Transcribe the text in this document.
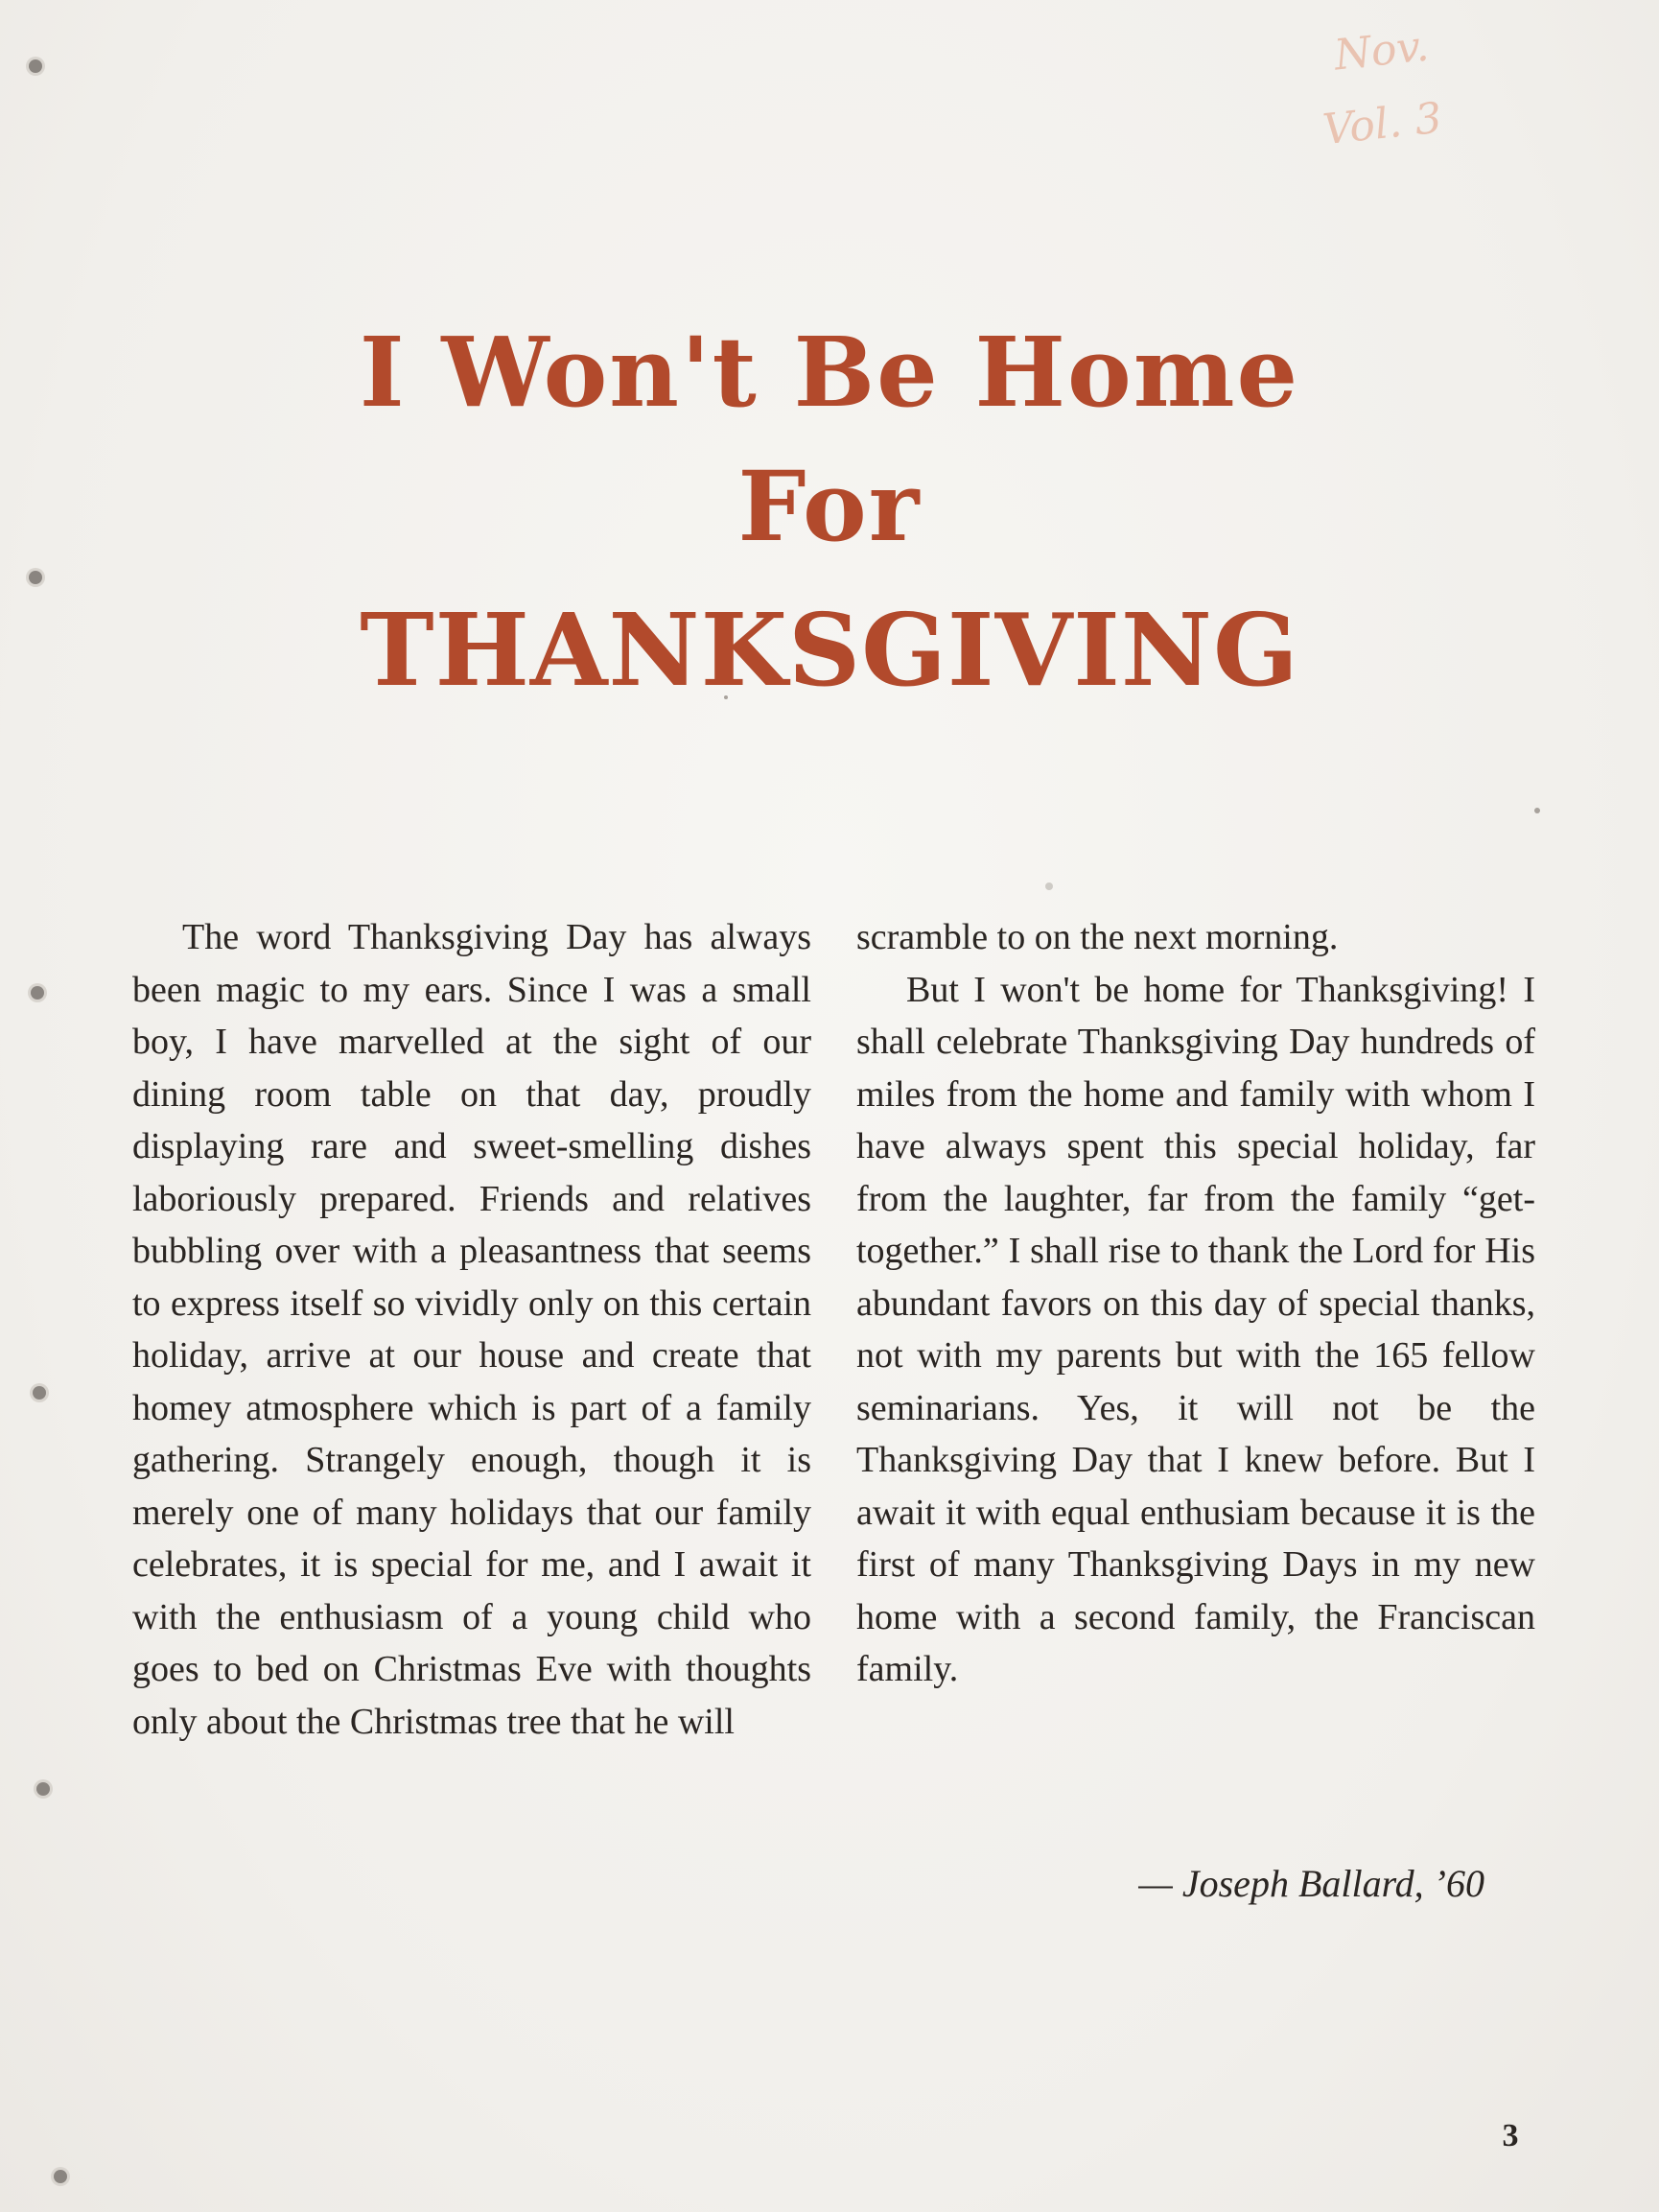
Nov.
Vol. 3
I Won't Be Home
For
THANKSGIVING

The word Thanksgiving Day has always been magic to my ears. Since I was a small boy, I have marvelled at the sight of our dining room table on that day, proudly displaying rare and sweet-smelling dishes laboriously prepared. Friends and relatives bubbling over with a pleasantness that seems to express itself so vividly only on this certain holiday, arrive at our house and create that homey atmosphere which is part of a family gathering. Strangely enough, though it is merely one of many holidays that our family celebrates, it is special for me, and I await it with the enthusiasm of a young child who goes to bed on Christmas Eve with thoughts only about the Christmas tree that he will

scramble to on the next morning.

But I won't be home for Thanksgiving! I shall celebrate Thanksgiving Day hundreds of miles from the home and family with whom I have always spent this special holiday, far from the laughter, far from the family “get-together.” I shall rise to thank the Lord for His abundant favors on this day of special thanks, not with my parents but with the 165 fellow seminarians. Yes, it will not be the Thanksgiving Day that I knew before. But I await it with equal enthusiam because it is the first of many Thanksgiving Days in my new home with a second family, the Franciscan family.

— Joseph Ballard, ’60
3
